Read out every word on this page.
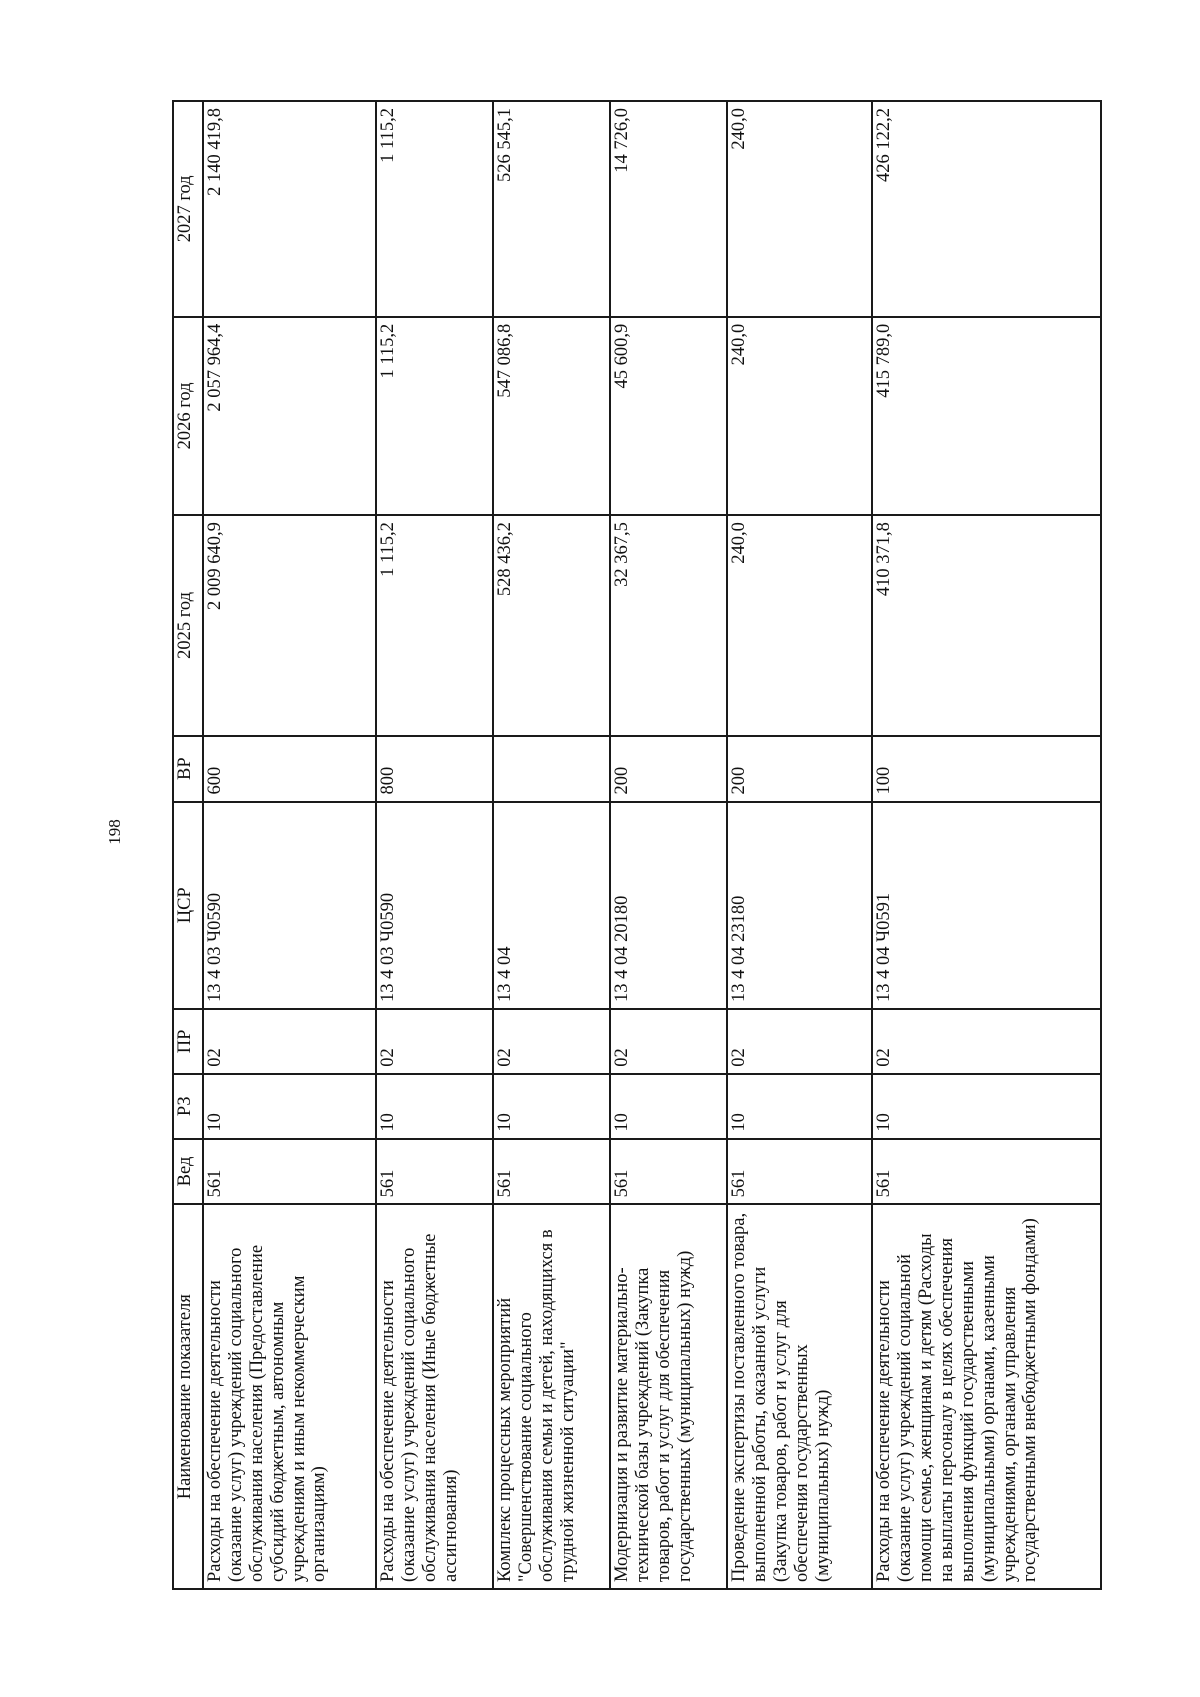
198
Наименование показателя	Вед	РЗ	ПР	ЦСР	ВР	2025 год	2026 год	2027 год
Расходы на обеспечение деятельности (оказание услуг) учреждений социального обслуживания населения (Предоставление субсидий бюджетным, автономным учреждениям и иным некоммерческим организациям)	561	10	02	13 4 03 Ч0590	600	2 009 640,9	2 057 964,4	2 140 419,8
Расходы на обеспечение деятельности (оказание услуг) учреждений социального обслуживания населения (Иные бюджетные ассигнования)	561	10	02	13 4 03 Ч0590	800	1 115,2	1 115,2	1 115,2
Комплекс процессных мероприятий "Совершенствование социального обслуживания семьи и детей, находящихся в трудной жизненной ситуации"	561	10	02	13 4 04		528 436,2	547 086,8	526 545,1
Модернизация и развитие материально-технической базы учреждений (Закупка товаров, работ и услуг для обеспечения государственных (муниципальных) нужд)	561	10	02	13 4 04 20180	200	32 367,5	45 600,9	14 726,0
Проведение экспертизы поставленного товара, выполненной работы, оказанной услуги (Закупка товаров, работ и услуг для обеспечения государственных (муниципальных) нужд)	561	10	02	13 4 04 23180	200	240,0	240,0	240,0
Расходы на обеспечение деятельности (оказание услуг) учреждений социальной помощи семье, женщинам и детям (Расходы на выплаты персоналу в целях обеспечения выполнения функций государственными (муниципальными) органами, казенными учреждениями, органами управления государственными внебюджетными фондами)	561	10	02	13 4 04 Ч0591	100	410 371,8	415 789,0	426 122,2
